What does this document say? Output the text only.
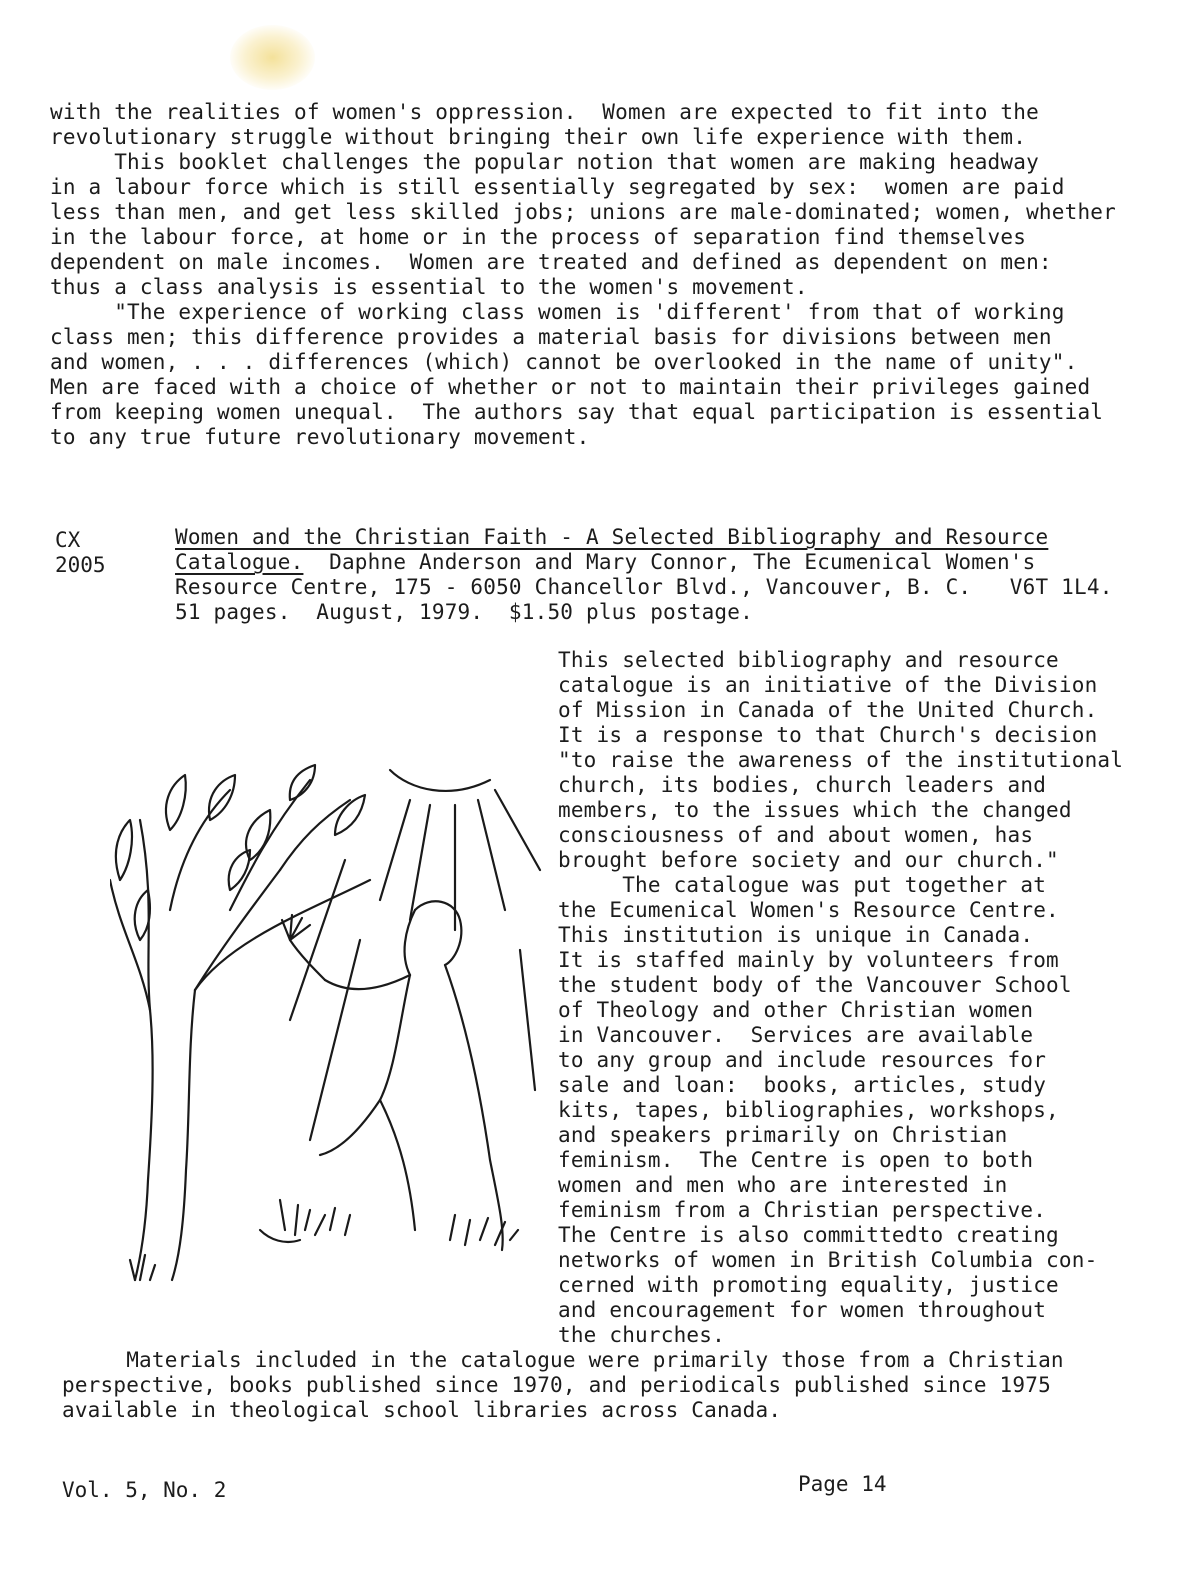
with the realities of women's oppression.  Women are expected to fit into the
revolutionary struggle without bringing their own life experience with them.
This booklet challenges the popular notion that women are making headway
in a labour force which is still essentially segregated by sex:  women are paid
less than men, and get less skilled jobs; unions are male-dominated; women, whether
in the labour force, at home or in the process of separation find themselves
dependent on male incomes.  Women are treated and defined as dependent on men:
thus a class analysis is essential to the women's movement.
"The experience of working class women is 'different' from that of working
class men; this difference provides a material basis for divisions between men
and women, . . . differences (which) cannot be overlooked in the name of unity".
Men are faced with a choice of whether or not to maintain their privileges gained
from keeping women unequal.  The authors say that equal participation is essential
to any true future revolutionary movement.
CX
2005
Women and the Christian Faith - A Selected Bibliography and Resource
Catalogue.  Daphne Anderson and Mary Connor, The Ecumenical Women's
Resource Centre, 175 - 6050 Chancellor Blvd., Vancouver, B. C.   V6T 1L4.
51 pages.  August, 1979.  $1.50 plus postage.
This selected bibliography and resource
catalogue is an initiative of the Division
of Mission in Canada of the United Church.
It is a response to that Church's decision
"to raise the awareness of the institutional
church, its bodies, church leaders and
members, to the issues which the changed
consciousness of and about women, has
brought before society and our church."
The catalogue was put together at
the Ecumenical Women's Resource Centre.
This institution is unique in Canada.
It is staffed mainly by volunteers from
the student body of the Vancouver School
of Theology and other Christian women
in Vancouver.  Services are available
to any group and include resources for
sale and loan:  books, articles, study
kits, tapes, bibliographies, workshops,
and speakers primarily on Christian
feminism.  The Centre is open to both
women and men who are interested in
feminism from a Christian perspective.
The Centre is also committedto creating
networks of women in British Columbia con-
cerned with promoting equality, justice
and encouragement for women throughout
the churches.
Materials included in the catalogue were primarily those from a Christian
perspective, books published since 1970, and periodicals published since 1975
available in theological school libraries across Canada.
Vol. 5, No. 2	Page 14
